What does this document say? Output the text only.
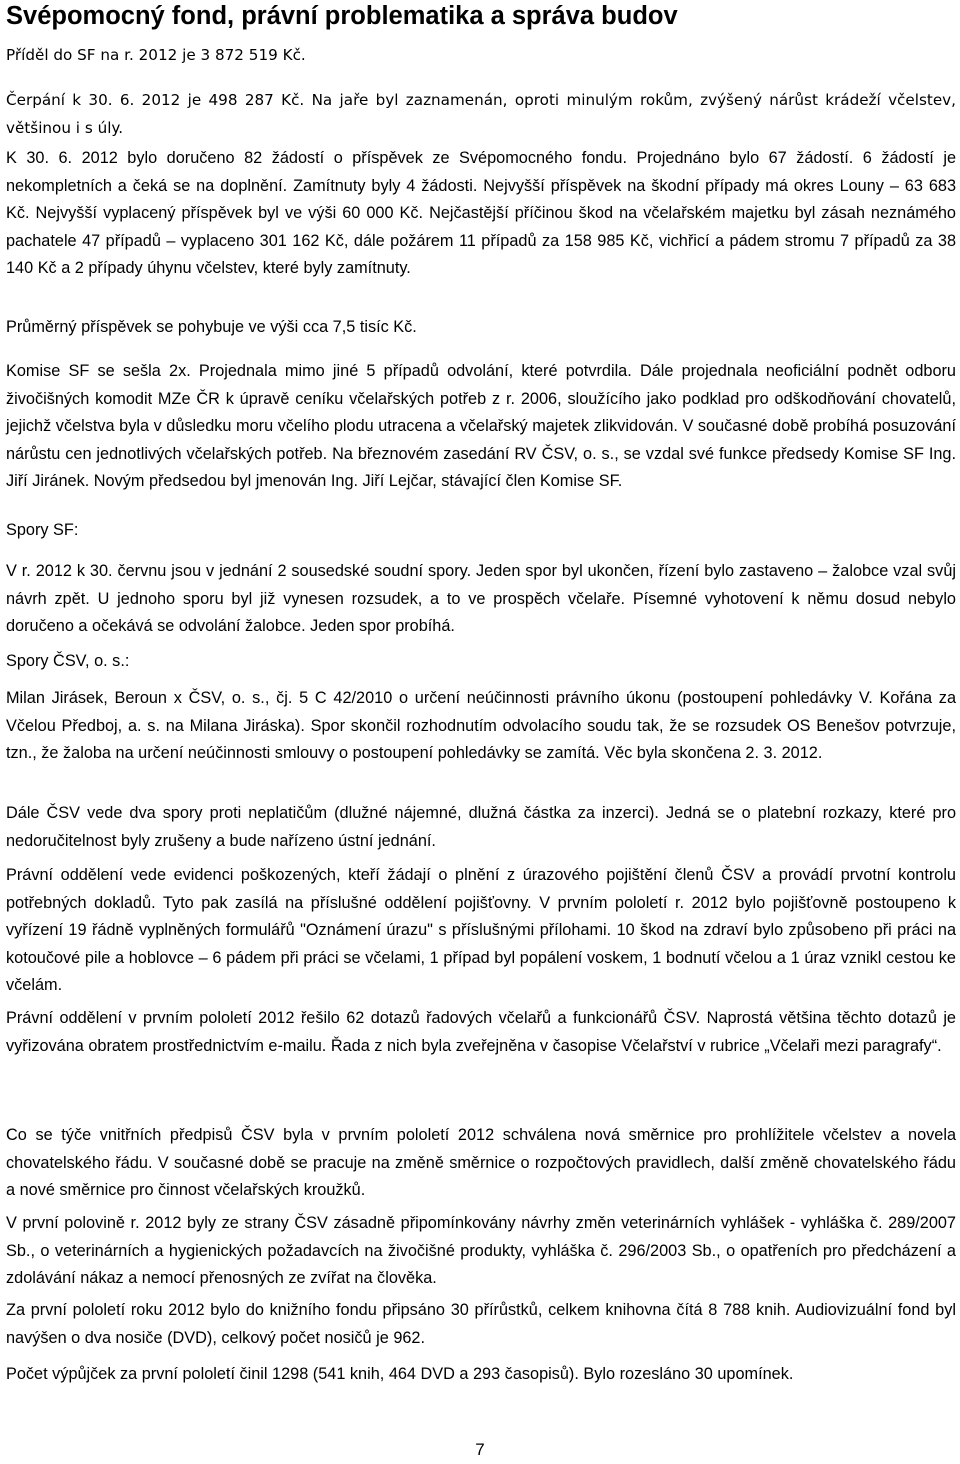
Svépomocný fond, právní problematika a správa budov

Příděl do SF na r. 2012 je 3 872 519 Kč.

Čerpání k 30. 6. 2012 je 498 287 Kč. Na jaře byl zaznamenán, oproti minulým rokům, zvýšený nárůst krádeží včelstev, většinou i s úly.

K 30. 6. 2012 bylo doručeno 82 žádostí o příspěvek ze Svépomocného fondu. Projednáno bylo 67 žádostí. 6 žádostí je nekompletních a čeká se na doplnění. Zamítnuty byly 4 žádosti. Nejvyšší příspěvek na škodní případy má okres Louny – 63 683 Kč. Nejvyšší vyplacený příspěvek byl ve výši 60 000 Kč. Nejčastější příčinou škod na včelařském majetku byl zásah neznámého pachatele 47 případů – vyplaceno 301 162 Kč, dále požárem 11 případů za 158 985 Kč, vichřicí a pádem stromu 7 případů za 38 140 Kč a 2 případy úhynu včelstev, které byly zamítnuty.

Průměrný příspěvek se pohybuje ve výši cca 7,5 tisíc Kč.

Komise SF se sešla 2x. Projednala mimo jiné 5 případů odvolání, které potvrdila. Dále projednala neoficiální podnět odboru živočišných komodit MZe ČR k úpravě ceníku včelařských potřeb z r. 2006, sloužícího jako podklad pro odškodňování chovatelů, jejichž včelstva byla v důsledku moru včelího plodu utracena a včelařský majetek zlikvidován. V současné době probíhá posuzování nárůstu cen jednotlivých včelařských potřeb. Na březnovém zasedání RV ČSV, o. s., se vzdal své funkce předsedy Komise SF Ing. Jiří Jiránek. Novým předsedou byl jmenován Ing. Jiří Lejčar, stávající člen Komise SF.

Spory SF:

V r. 2012 k 30. červnu jsou v jednání 2 sousedské soudní spory. Jeden spor byl ukončen, řízení bylo zastaveno – žalobce vzal svůj návrh zpět. U jednoho sporu byl již vynesen rozsudek, a to ve prospěch včelaře. Písemné vyhotovení k němu dosud nebylo doručeno a očekává se odvolání žalobce. Jeden spor probíhá.

Spory ČSV, o. s.:

Milan Jirásek, Beroun x ČSV, o. s., čj. 5 C 42/2010 o určení neúčinnosti právního úkonu (postoupení pohledávky V. Kořána za Včelou Předboj, a. s. na Milana Jiráska). Spor skončil rozhodnutím odvolacího soudu tak, že se rozsudek OS Benešov potvrzuje, tzn., že žaloba na určení neúčinnosti smlouvy o postoupení pohledávky se zamítá. Věc byla skončena 2. 3. 2012.

Dále ČSV vede dva spory proti neplatičům (dlužné nájemné, dlužná částka za inzerci). Jedná se o platební rozkazy, které pro nedoručitelnost byly zrušeny a bude nařízeno ústní jednání.

Právní oddělení vede evidenci poškozených, kteří žádají o plnění z úrazového pojištění členů ČSV a provádí prvotní kontrolu potřebných dokladů. Tyto pak zasílá na příslušné oddělení pojišťovny. V prvním pololetí r. 2012 bylo pojišťovně postoupeno k vyřízení 19 řádně vyplněných formulářů "Oznámení úrazu" s příslušnými přílohami. 10 škod na zdraví bylo způsobeno při práci na kotoučové pile a hoblovce – 6 pádem při práci se včelami, 1 případ byl popálení voskem, 1 bodnutí včelou a 1 úraz vznikl cestou ke včelám.

Právní oddělení v prvním pololetí 2012 řešilo 62 dotazů řadových včelařů a funkcionářů ČSV. Naprostá většina těchto dotazů je vyřizována obratem prostřednictvím e-mailu. Řada z nich byla zveřejněna v časopise Včelařství v rubrice „Včelaři mezi paragrafy“.

Co se týče vnitřních předpisů ČSV byla v prvním pololetí 2012 schválena nová směrnice pro prohlížitele včelstev a novela chovatelského řádu. V současné době se pracuje na změně směrnice o rozpočtových pravidlech, další změně chovatelského řádu a nové směrnice pro činnost včelařských kroužků.

V první polovině r. 2012 byly ze strany ČSV zásadně připomínkovány návrhy změn veterinárních vyhlášek - vyhláška č. 289/2007 Sb., o veterinárních a hygienických požadavcích na živočišné produkty, vyhláška č. 296/2003 Sb., o opatřeních pro předcházení a zdolávání nákaz a nemocí přenosných ze zvířat na člověka.

Za první pololetí roku 2012 bylo do knižního fondu připsáno 30 přírůstků, celkem knihovna čítá 8 788 knih. Audiovizuální fond byl navýšen o dva nosiče (DVD), celkový počet nosičů je 962.

Počet výpůjček za první pololetí činil 1298 (541 knih, 464 DVD a 293 časopisů). Bylo rozesláno 30 upomínek.

7
